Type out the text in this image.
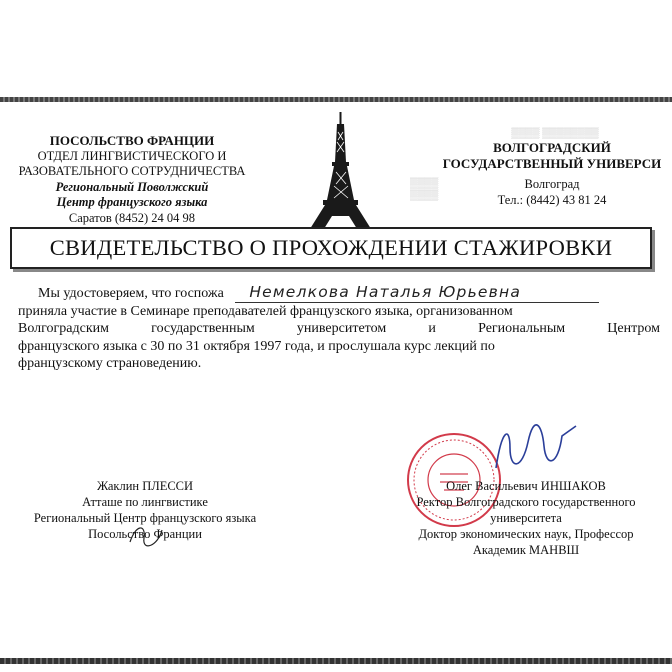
ПОСОЛЬСТВО ФРАНЦИИ
ОТДЕЛ ЛИНГВИСТИЧЕСКОГО И
РАЗОВАТЕЛЬНОГО СОТРУДНИЧЕСТВА
Региональный Поволжский
Центр французского языка
Саратов (8452) 24 04 98
▒▒▒▒ ▒▒▒▒▒▒▒▒
▒▒▒▒
▒▒▒▒
ВОЛГОГРАДСКИЙ
ГОСУДАРСТВЕННЫЙ УНИВЕРСИ
Волгоград
Тел.: (8442) 43 81 24
СВИДЕТЕЛЬСТВО О ПРОХОЖДЕНИИ СТАЖИРОВКИ
Мы удостоверяем, что госпожа Немелкова Наталья Юрьевна
приняла участие в Семинаре преподавателей французского языка, организованном
Волгоградским государственным университетом и Региональным Центром
французского языка с 30 по 31 октября 1997 года, и прослушала курс лекций по
французскому страноведению.
Жаклин ПЛЕССИ
Атташе по лингвистике
Региональный Центр французского языка
Посольство Франции
Олег Васильевич ИНШАКОВ
Ректор Волгоградского государственного
университета
Доктор экономических наук, Профессор
Академик МАНВШ
